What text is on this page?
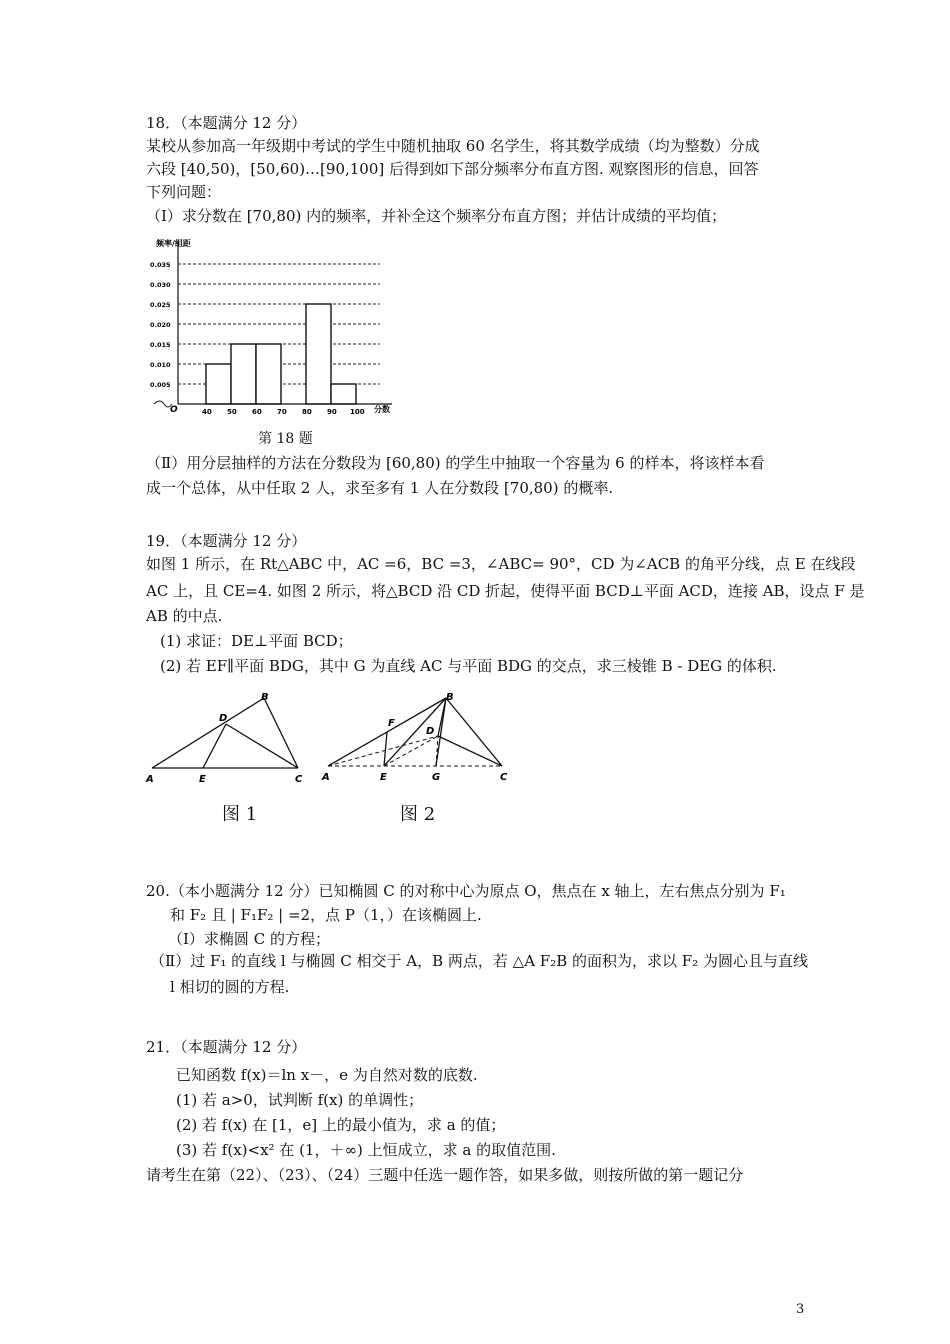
18．（本题满分 12 分）
某校从参加高一年级期中考试的学生中随机抽取 60 名学生，将其数学成绩（均为整数）分成
六段 [40,50)，[50,60)…[90,100] 后得到如下部分频率分布直方图. 观察图形的信息，回答
下列问题：
（Ⅰ）求分数在 [70,80) 内的频率，并补全这个频率分布直方图；并估计成绩的平均值；
0.005
0.010
0.015
0.020
0.025
0.030
0.035
40 50 60 70 80 90 100
频率/组距
分数
O
第 18 题
（Ⅱ）用分层抽样的方法在分数段为 [60,80) 的学生中抽取一个容量为 6 的样本，将该样本看
成一个总体，从中任取 2 人，求至多有 1 人在分数段 [70,80) 的概率.
19．（本题满分 12 分）
如图 1 所示，在 Rt△ABC 中，AC =6，BC =3，∠ABC= 90°，CD 为∠ACB 的角平分线，点 E 在线段
AC 上，且 CE=4. 如图 2 所示，将△BCD 沿 CD 折起，使得平面 BCD⊥平面 ACD，连接 AB，设点 F 是
AB 的中点.
(1) 求证：DE⊥平面 BCD；
(2) 若 EF∥平面 BDG，其中 G 为直线 AC 与平面 BDG 的交点，求三棱锥 B - DEG 的体积.
A
B
C
D
E
图 1
A
B
C
D
E
F
G
图 2
20.（本小题满分 12 分）已知椭圆 C 的对称中心为原点 O，焦点在 x 轴上，左右焦点分别为 F₁
和 F₂ 且 | F₁F₂ | =2，点 P（1，）在该椭圆上.
（Ⅰ）求椭圆 C 的方程；
（Ⅱ）过 F₁ 的直线 l 与椭圆 C 相交于 A，B 两点，若 △A F₂B 的面积为，求以 F₂ 为圆心且与直线
l 相切的圆的方程.
21．（本题满分 12 分）
已知函数 f(x)＝ln x－，e 为自然对数的底数.
(1) 若 a>0，试判断 f(x) 的单调性；
(2) 若 f(x) 在 [1，e] 上的最小值为，求 a 的值；
(3) 若 f(x)<x² 在 (1，＋∞) 上恒成立，求 a 的取值范围.
请考生在第（22）、（23）、（24）三题中任选一题作答，如果多做，则按所做的第一题记分
3
